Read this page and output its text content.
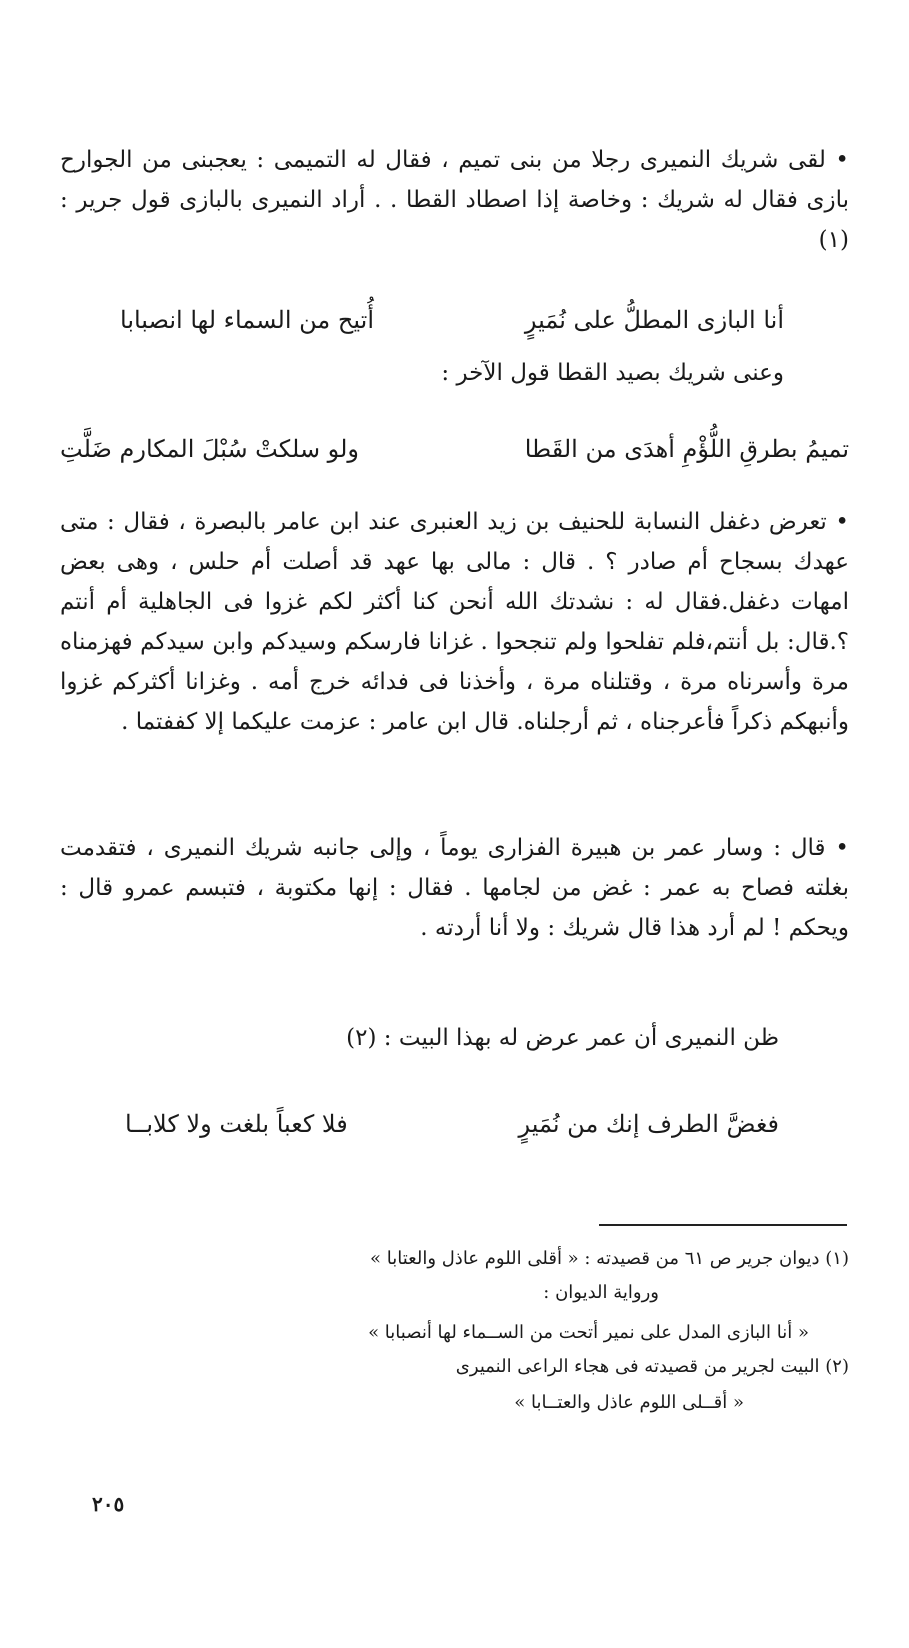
• لقى شريك النميرى رجلا من بنى تميم ، فقال له التميمى : يعجبنى من الجوارح بازى فقال له شريك : وخاصة إذا اصطاد القطا . . أراد النميرى بالبازى قول جرير : (١)

أنا البازى المطلُّ على نُمَيرٍ
أُتيح من السماء لها انصبابا
وعنى شريك بصيد القطا قول الآخر :
تميمُ بطرقِ اللُّؤْمِ أهدَى من القَطا
ولو سلكتْ سُبْلَ المكارم ضَلَّتِ

• تعرض دغفل النسابة للحنيف بن زيد العنبرى عند ابن عامر بالبصرة ، فقال : متى عهدك بسجاح أم صادر ؟ . قال : مالى بها عهد قد أصلت أم حلس ، وهى بعض امهات دغفل.فقال له : نشدتك الله أنحن كنا أكثر لكم غزوا فى الجاهلية أم أنتم ؟.قال: بل أنتم،فلم تفلحوا ولم تنجحوا . غزانا فارسكم وسيدكم وابن سيدكم فهزمناه مرة وأسرناه مرة ، وقتلناه مرة ، وأخذنا فى فدائه خرج أمه . وغزانا أكثركم غزوا وأنبهكم ذكراً فأعرجناه ، ثم أرجلناه. قال ابن عامر : عزمت عليكما إلا كففتما .

• قال : وسار عمر بن هبيرة الفزارى يوماً ، وإلى جانبه شريك النميرى ، فتقدمت بغلته فصاح به عمر : غض من لجامها . فقال : إنها مكتوبة ، فتبسم عمرو قال : ويحكم ! لم أرد هذا قال شريك : ولا أنا أردته .

ظن النميرى أن عمر عرض له بهذا البيت : (٢)
فغضَّ الطرف إنك من نُمَيرٍ
فلا كعباً بلغت ولا كلابــا
(١) ديوان جرير ص ٦١ من قصيدته : « أقلى اللوم عاذل والعتابا »
ورواية الديوان :
« أنا البازى المدل على نمير أتحت من الســماء لها أنصبابا »
(٢) البيت لجرير من قصيدته فى هجاء الراعى النميرى
« أقــلى اللوم عاذل والعتــابا »
٢٠٥
